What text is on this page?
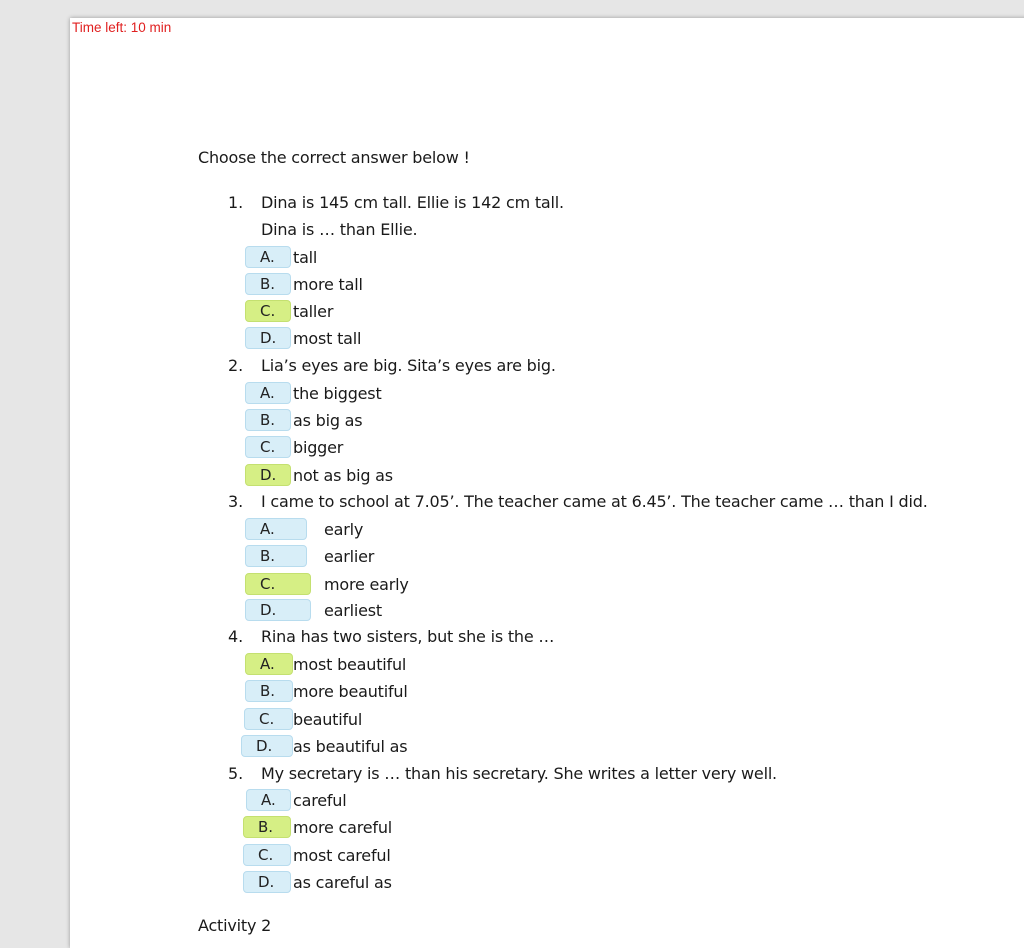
Time left: 10 min
Choose the correct answer below !
1. Dina is 145 cm tall. Ellie is 142 cm tall.
Dina is … than Ellie.
A.	tall
B.	more tall
C.	taller
D.	most tall
2. Lia’s eyes are big. Sita’s eyes are big.
A.	the biggest
B.	as big as
C.	bigger
D.	not as big as
3. I came to school at 7.05’. The teacher came at 6.45’. The teacher came … than I did.
A.	early
B.	earlier
C.	more early
D.	earliest
4. Rina has two sisters, but she is the …
A.	most beautiful
B.	more beautiful
C.	beautiful
D.	as beautiful as
5. My secretary is … than his secretary. She writes a letter very well.
A.	careful
B.	more careful
C.	most careful
D.	as careful as
Activity 2
